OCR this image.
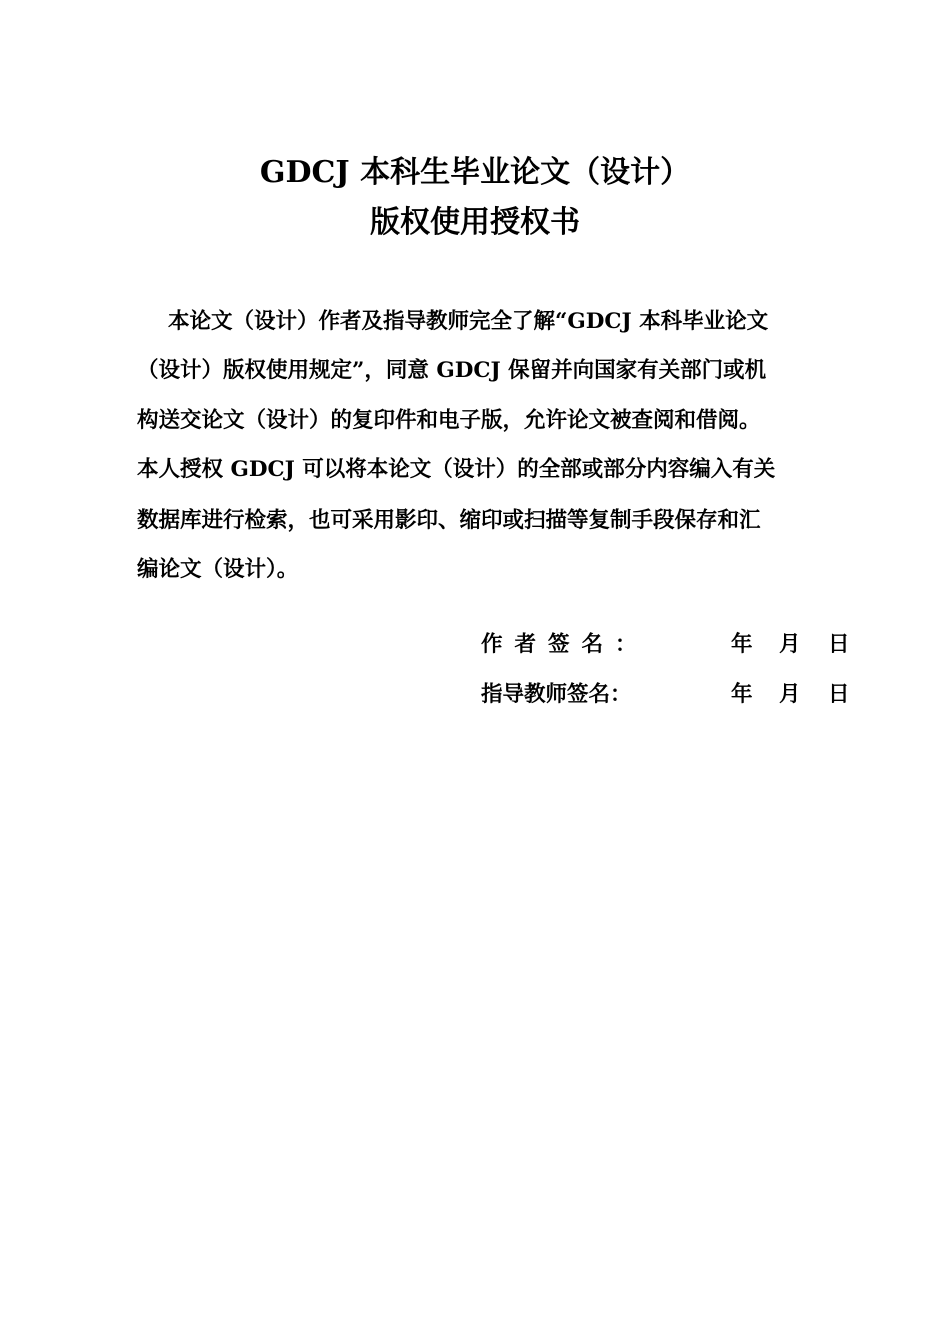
GDCJ 本科生毕业论文（设计）
版权使用授权书

本论文（设计）作者及指导教师完全了解“GDCJ 本科毕业论文

（设计）版权使用规定”，同意 GDCJ 保留并向国家有关部门或机

构送交论文（设计）的复印件和电子版，允许论文被查阅和借阅。

本人授权 GDCJ 可以将本论文（设计）的全部或部分内容编入有关

数据库进行检索，也可采用影印、缩印或扫描等复制手段保存和汇

编论文（设计）。

作者签名：	年 月 日
指导教师签名：	年 月 日
